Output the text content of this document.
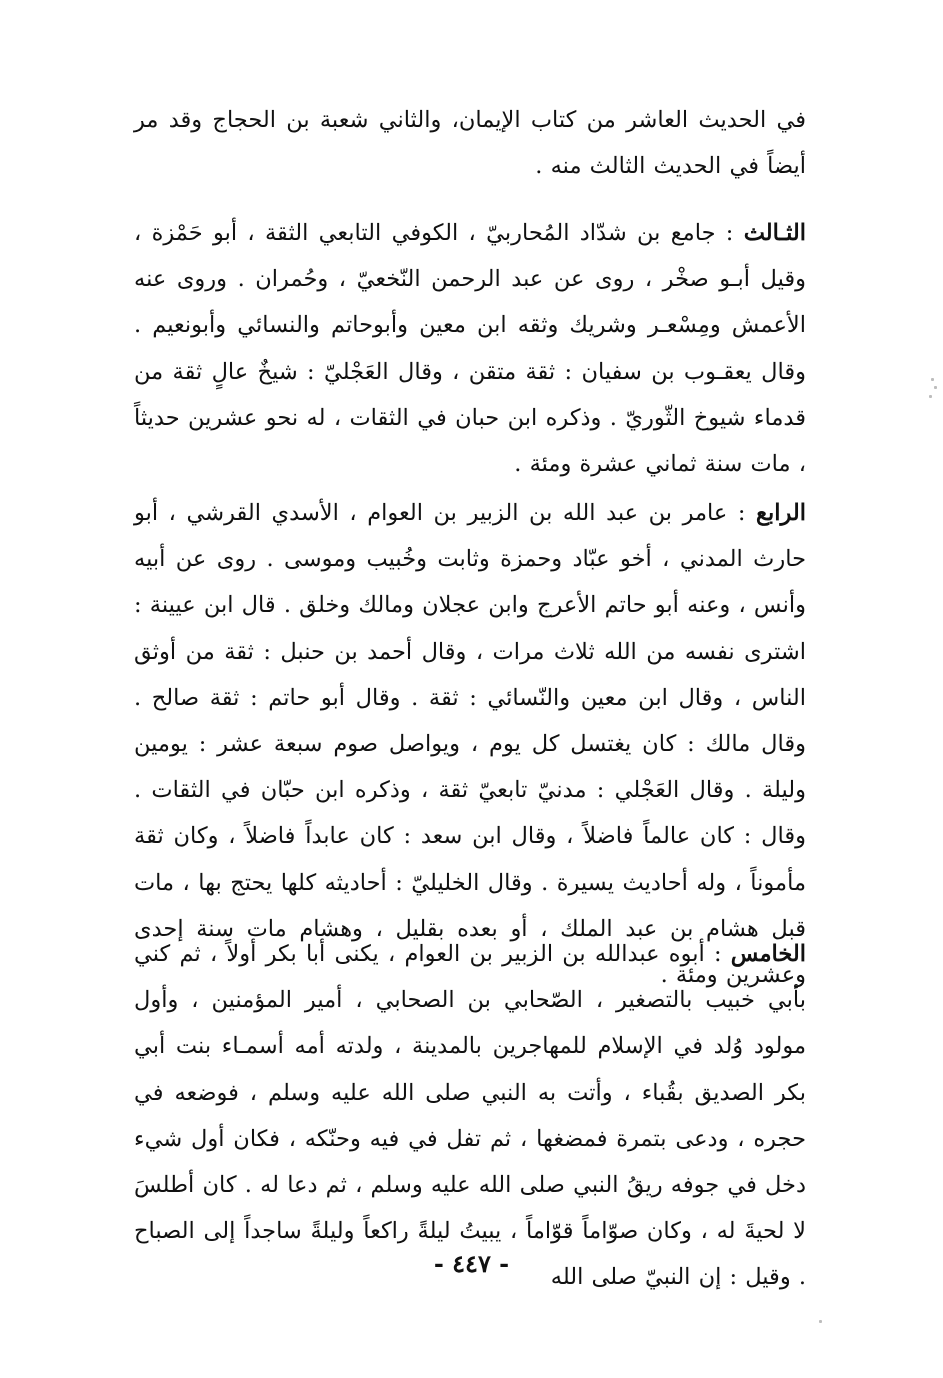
في الحديث العاشر من كتاب الإيمان، والثاني شعبة بن الحجاج وقد مر أيضاً في الحديث الثالث منه .

الثـالث : جامع بن شدّاد المُحاربيّ ، الكوفي التابعي الثقة ، أبو حَمْزة ، وقيل أبـو صخْر ، روى عن عبد الرحمن النّخعيّ ، وحُمران . وروى عنه الأعمش ومِسْعـر وشريك وثقه ابن معين وأبوحاتم والنسائي وأبونعيم . وقال يعقـوب بن سفيان : ثقة متقن ، وقال العَجْليّ : شيخٌ عالٍ ثقة من قدماء شيوخ الثّوريّ . وذكره ابن حبان في الثقات ، له نحو عشرين حديثاً ، مات سنة ثماني عشرة ومئة .

الرابع : عامر بن عبد الله بن الزبير بن العوام ، الأسدي القرشي ، أبو حارث المدني ، أخو عبّاد وحمزة وثابت وخُبيب وموسى . روى عن أبيه وأنس ، وعنه أبو حاتم الأعرج وابن عجلان ومالك وخلق . قال ابن عيينة : اشترى نفسه من الله ثلاث مرات ، وقال أحمد بن حنبل : ثقة من أوثق الناس ، وقال ابن معين والنّسائي : ثقة . وقال أبو حاتم : ثقة صالح . وقال مالك : كان يغتسل كل يوم ، ويواصل صوم سبعة عشر : يومين وليلة . وقال العَجْلي : مدنيّ تابعيّ ثقة ، وذكره ابن حبّان في الثقات . وقال : كان عالماً فاضلاً ، وقال ابن سعد : كان عابداً فاضلاً ، وكان ثقة مأموناً ، وله أحاديث يسيرة . وقال الخليليّ : أحاديثه كلها يحتج بها ، مات قبل هشام بن عبد الملك ، أو بعده بقليل ، وهشام مات سنة إحدى وعشرين ومئة .

الخامس : أبوه عبدالله بن الزبير بن العوام ، يكنى أبا بكر أولاً ، ثم كني بأبي خبيب بالتصغير ، الصّحابي بن الصحابي ، أمير المؤمنين ، وأول مولود وُلد في الإسلام للمهاجرين بالمدينة ، ولدته أمه أسمـاء بنت أبي بكر الصديق بقُباء ، وأتت به النبي صلى الله عليه وسلم ، فوضعه في حجره ، ودعى بتمرة فمضغها ، ثم تفل في فيه وحنّكه ، فكان أول شيء دخل في جوفه ريقُ النبي صلى الله عليه وسلم ، ثم دعا له . كان أطلسَ لا لحيةَ له ، وكان صوّاماً قوّاماً ، يبيتُ ليلةً راكعاً وليلةً ساجداً إلى الصباح . وقيل : إن النبيّ صلى الله

- ٤٤٧ -
